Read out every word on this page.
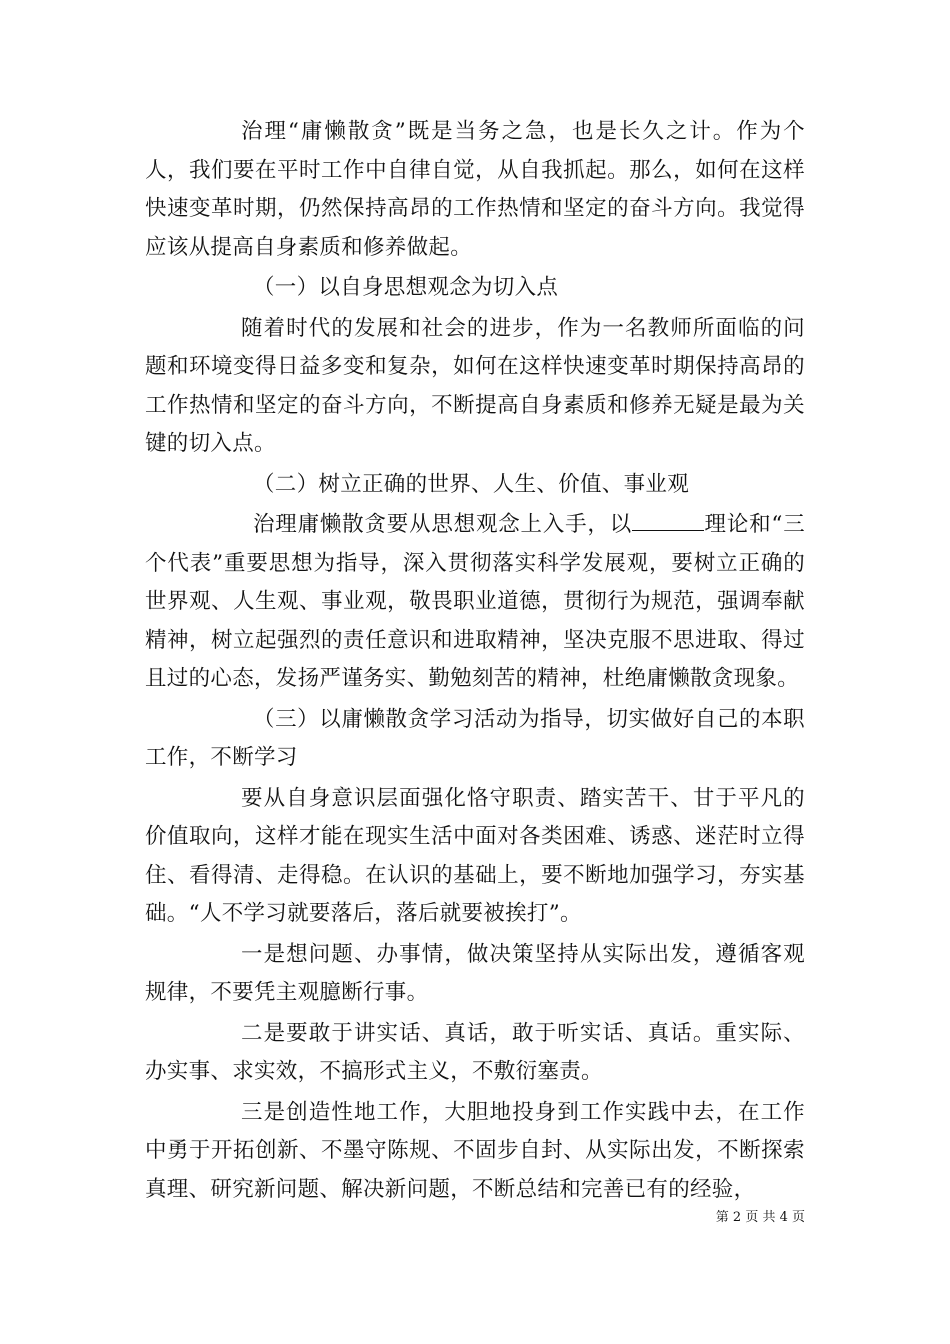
治理“庸懒散贪”既是当务之急，也是长久之计。作为个人，我们要在平时工作中自律自觉，从自我抓起。那么，如何在这样快速变革时期，仍然保持高昂的工作热情和坚定的奋斗方向。我觉得应该从提高自身素质和修养做起。

（一）以自身思想观念为切入点

随着时代的发展和社会的进步，作为一名教师所面临的问题和环境变得日益多变和复杂，如何在这样快速变革时期保持高昂的工作热情和坚定的奋斗方向，不断提高自身素质和修养无疑是最为关键的切入点。

（二）树立正确的世界、人生、价值、事业观

治理庸懒散贪要从思想观念上入手，以	理论和“三个代表”重要思想为指导，深入贯彻落实科学发展观，要树立正确的世界观、人生观、事业观，敬畏职业道德，贯彻行为规范，强调奉献精神，树立起强烈的责任意识和进取精神，坚决克服不思进取、得过且过的心态，发扬严谨务实、勤勉刻苦的精神，杜绝庸懒散贪现象。

（三）以庸懒散贪学习活动为指导，切实做好自己的本职工作，不断学习

要从自身意识层面强化恪守职责、踏实苦干、甘于平凡的价值取向，这样才能在现实生活中面对各类困难、诱惑、迷茫时立得住、看得清、走得稳。在认识的基础上，要不断地加强学习，夯实基础。“人不学习就要落后，落后就要被挨打”。

一是想问题、办事情，做决策坚持从实际出发，遵循客观规律，不要凭主观臆断行事。

二是要敢于讲实话、真话，敢于听实话、真话。重实际、办实事、求实效，不搞形式主义，不敷衍塞责。

三是创造性地工作，大胆地投身到工作实践中去，在工作中勇于开拓创新、不墨守陈规、不固步自封、从实际出发，不断探索真理、研究新问题、解决新问题，不断总结和完善已有的经验，

第 2 页 共 4 页
